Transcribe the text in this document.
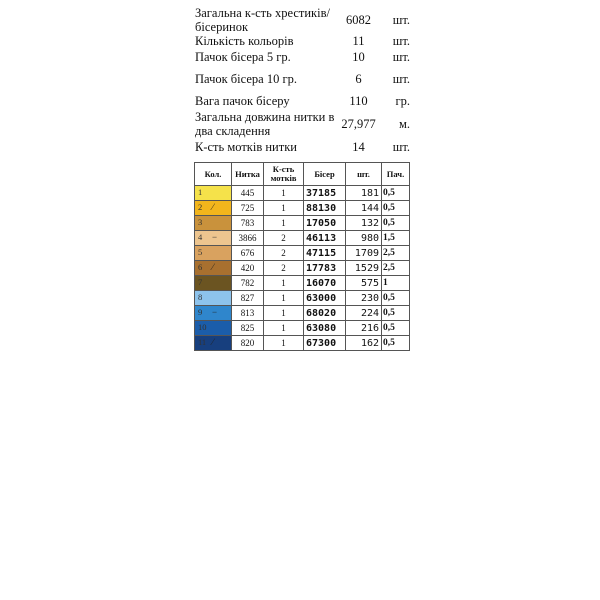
Загальна к-сть хрестиків/бісеринок	6082	шт.
Кількість кольорів	11	шт.
Пачок бісера 5 гр.	10	шт.
Пачок бісера 10 гр.	6	шт.
Вага пачок бісеру	110	гр.
Загальна довжина нитки в два складення	27,977	м.
К-сть мотків нитки	14	шт.
Кол.	Нитка	К-сть мотків	Бісер	шт.	Пач.

1	445	1	37185	181	0,5

2 ⁄	725	1	88130	144	0,5

3	783	1	17050	132	0,5

4 −	3866	2	46113	980	1,5

5	676	2	47115	1709	2,5

6 ⁄	420	2	17783	1529	2,5

7	782	1	16070	575	1

8	827	1	63000	230	0,5

9 −	813	1	68020	224	0,5

10	825	1	63080	216	0,5

11 ⁄	820	1	67300	162	0,5
